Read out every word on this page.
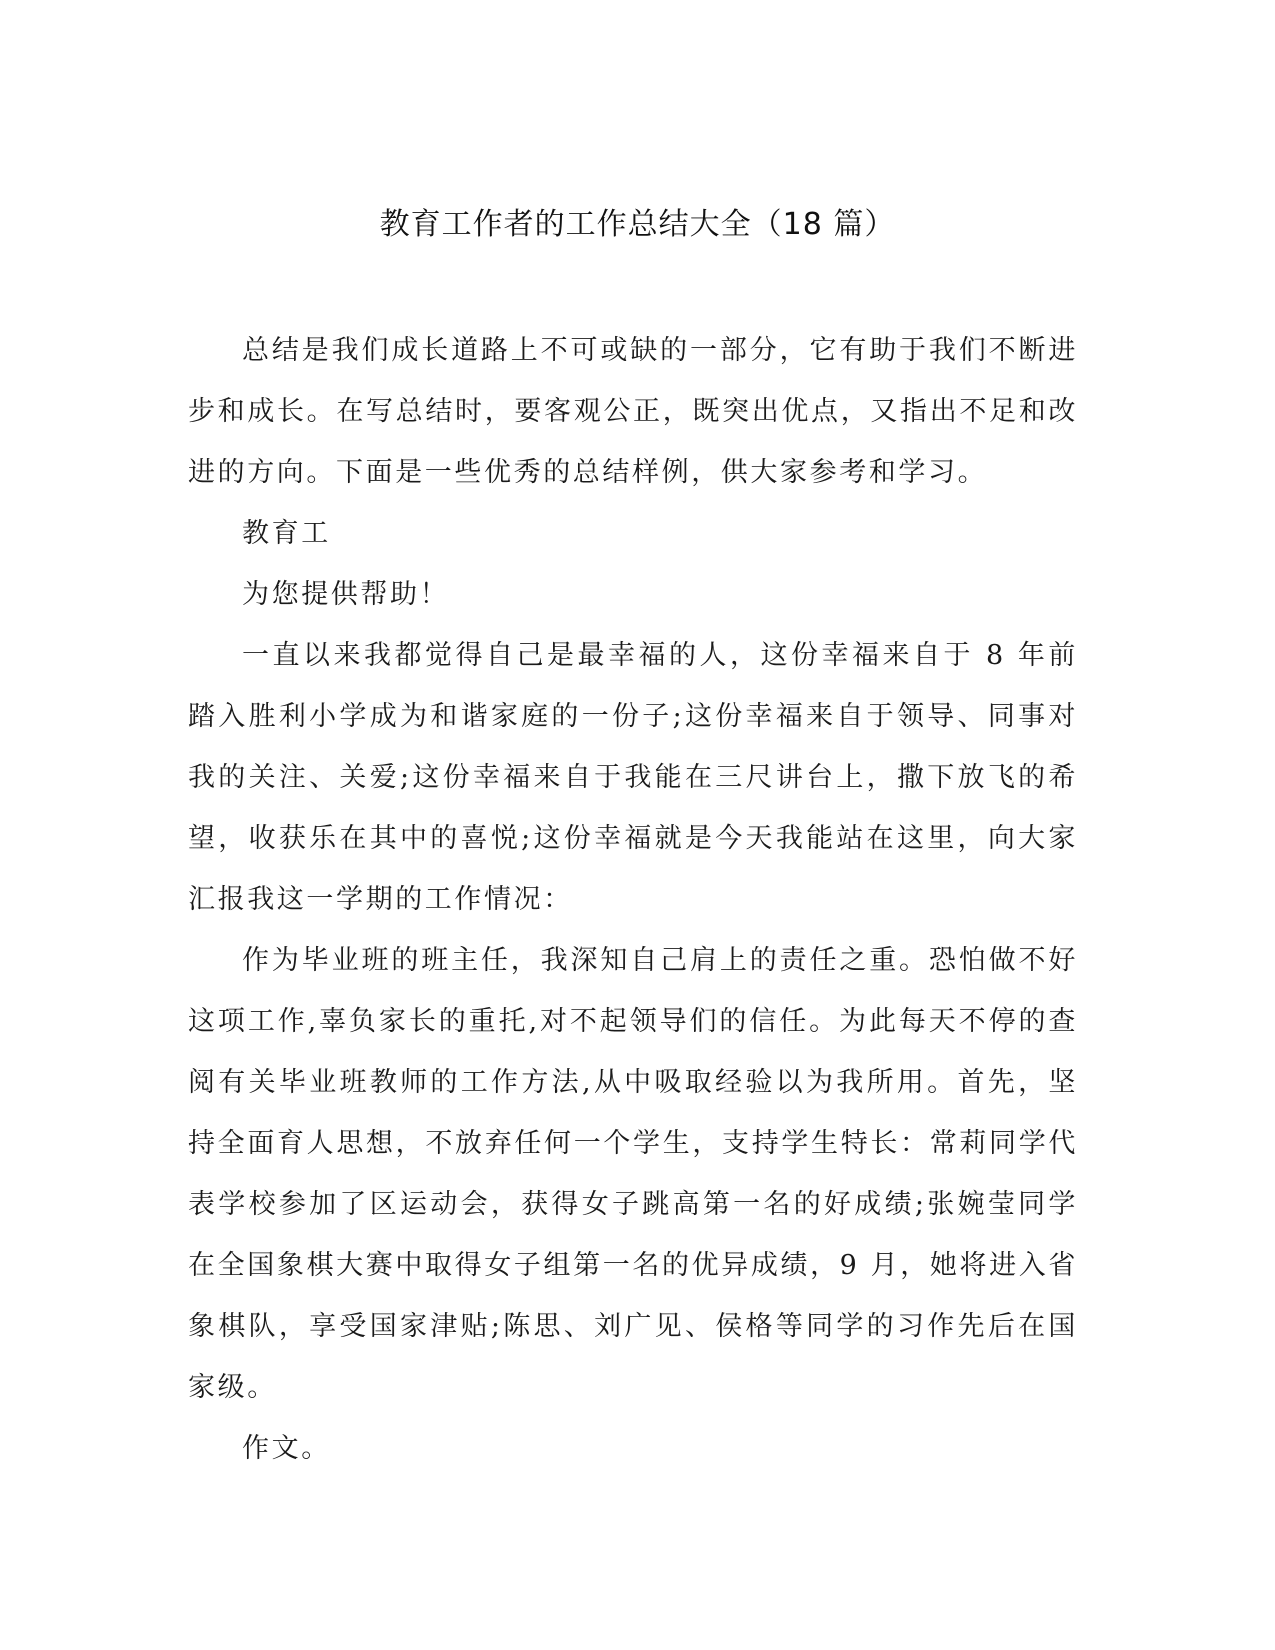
教育工作者的工作总结大全（18 篇）

总结是我们成长道路上不可或缺的一部分，它有助于我们不断进步和成长。在写总结时，要客观公正，既突出优点，又指出不足和改进的方向。下面是一些优秀的总结样例，供大家参考和学习。

教育工

为您提供帮助！

一直以来我都觉得自己是最幸福的人，这份幸福来自于 8 年前踏入胜利小学成为和谐家庭的一份子;这份幸福来自于领导、同事对我的关注、关爱;这份幸福来自于我能在三尺讲台上，撒下放飞的希望，收获乐在其中的喜悦;这份幸福就是今天我能站在这里，向大家汇报我这一学期的工作情况：

作为毕业班的班主任，我深知自己肩上的责任之重。恐怕做不好这项工作,辜负家长的重托,对不起领导们的信任。为此每天不停的查阅有关毕业班教师的工作方法,从中吸取经验以为我所用。首先，坚持全面育人思想，不放弃任何一个学生，支持学生特长：常莉同学代表学校参加了区运动会，获得女子跳高第一名的好成绩;张婉莹同学在全国象棋大赛中取得女子组第一名的优异成绩，9 月，她将进入省象棋队，享受国家津贴;陈思、刘广见、侯格等同学的习作先后在国家级。

作文。
